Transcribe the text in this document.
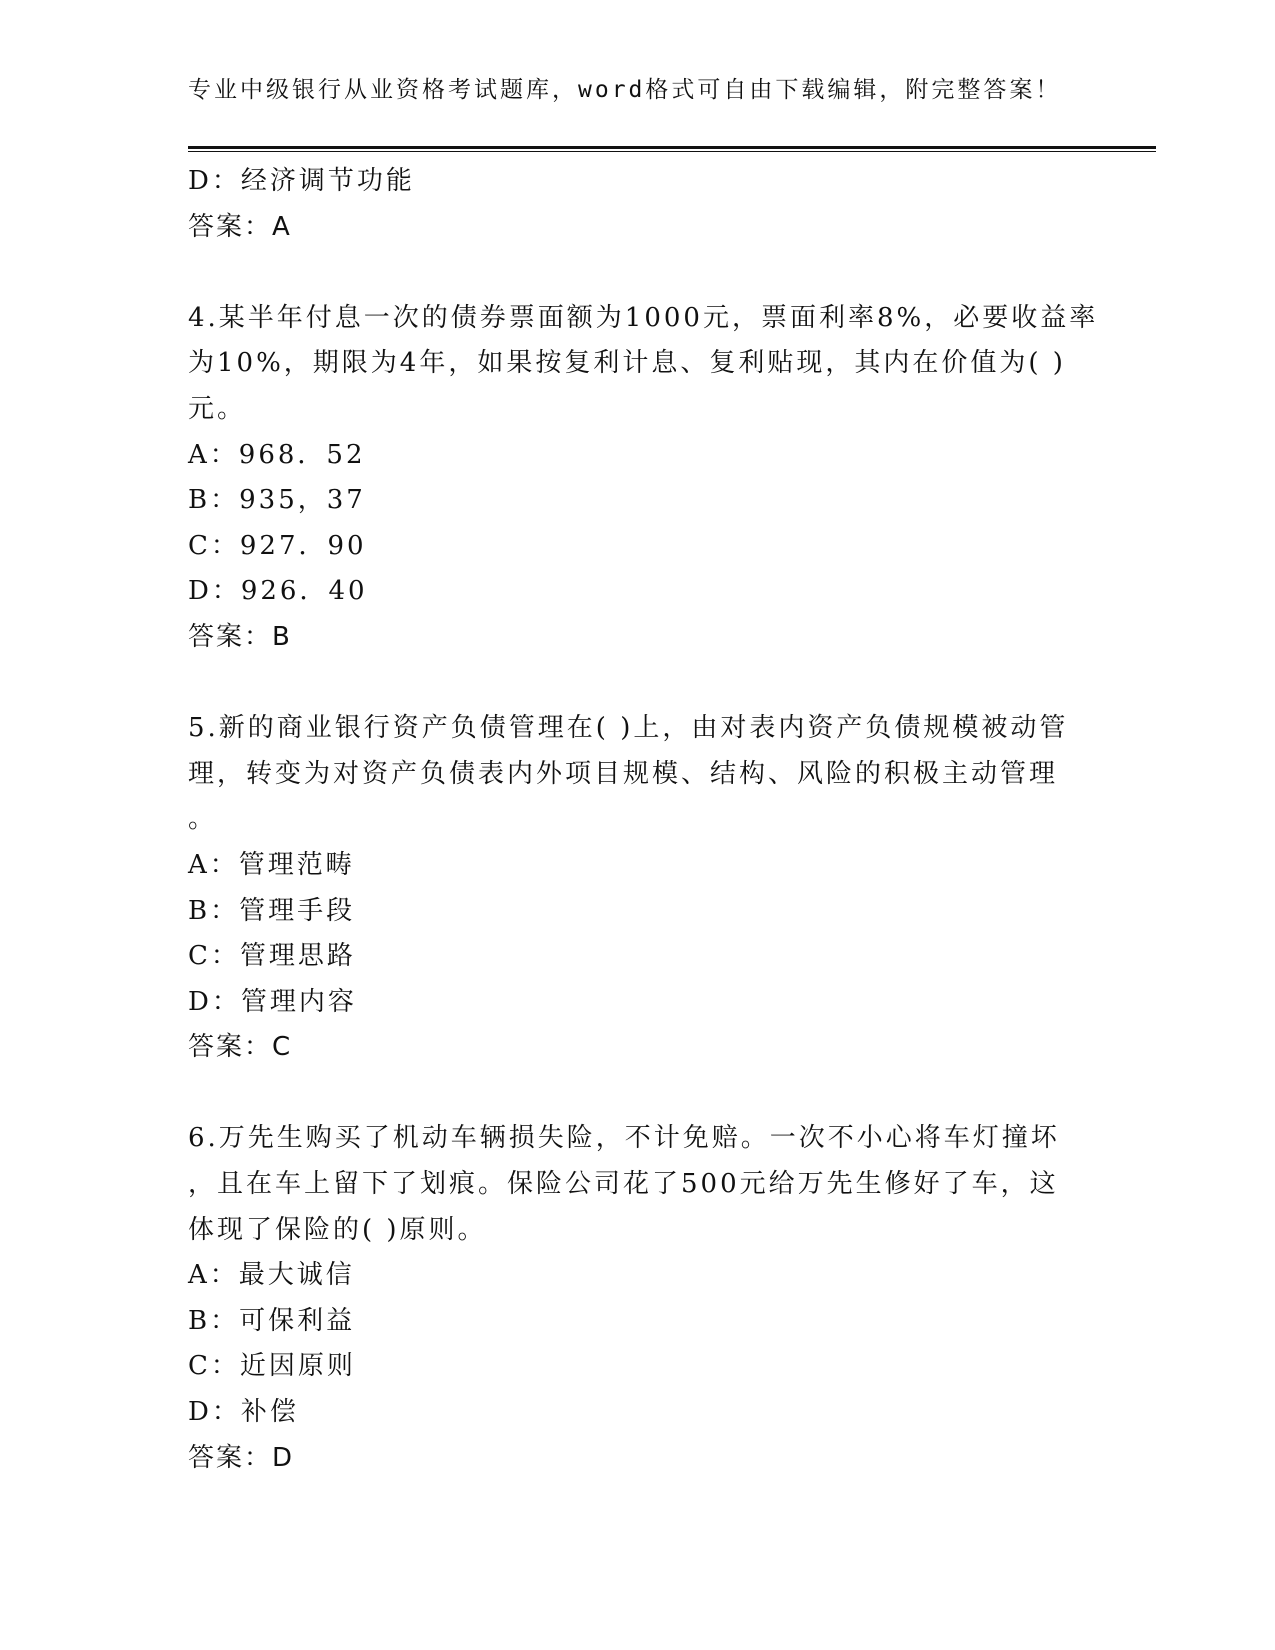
专业中级银行从业资格考试题库，word格式可自由下载编辑，附完整答案！
D：经济调节功能
答案：A
4.某半年付息一次的债券票面额为1000元，票面利率8%，必要收益率
为10%，期限为4年，如果按复利计息、复利贴现，其内在价值为( )
元。
A：968．52
B：935，37
C：927．90
D：926．40
答案：B
5.新的商业银行资产负债管理在( )上，由对表内资产负债规模被动管
理，转变为对资产负债表内外项目规模、结构、风险的积极主动管理
。
A：管理范畴
B：管理手段
C：管理思路
D：管理内容
答案：C
6.万先生购买了机动车辆损失险，不计免赔。一次不小心将车灯撞坏
，且在车上留下了划痕。保险公司花了500元给万先生修好了车，这
体现了保险的( )原则。
A：最大诚信
B：可保利益
C：近因原则
D：补偿
答案：D
